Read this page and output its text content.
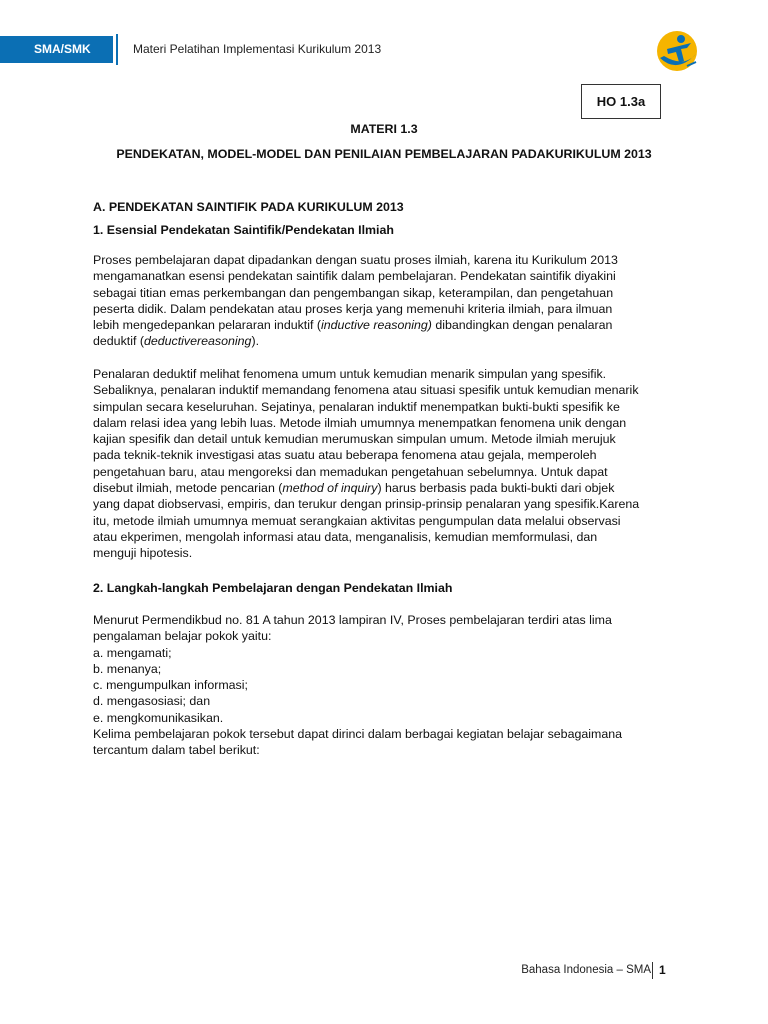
SMA/SMK	Materi Pelatihan Implementasi Kurikulum 2013
HO 1.3a
MATERI 1.3
PENDEKATAN, MODEL-MODEL DAN PENILAIAN PEMBELAJARAN PADAKURIKULUM 2013
A. PENDEKATAN SAINTIFIK PADA KURIKULUM 2013
1. Esensial Pendekatan Saintifik/Pendekatan Ilmiah
Proses pembelajaran dapat dipadankan dengan suatu proses ilmiah, karena itu Kurikulum 2013
mengamanatkan esensi pendekatan saintifik dalam pembelajaran. Pendekatan saintifik diyakini
sebagai titian emas perkembangan dan pengembangan sikap, keterampilan, dan pengetahuan
peserta didik. Dalam pendekatan atau proses kerja yang memenuhi kriteria ilmiah, para ilmuan
lebih mengedepankan pelararan induktif (inductive reasoning) dibandingkan dengan penalaran
deduktif (deductivereasoning).
Penalaran deduktif melihat fenomena umum untuk kemudian menarik simpulan yang spesifik.
Sebaliknya, penalaran induktif memandang fenomena atau situasi spesifik untuk kemudian menarik
simpulan secara keseluruhan. Sejatinya, penalaran induktif menempatkan bukti-bukti spesifik ke
dalam relasi idea yang lebih luas. Metode ilmiah umumnya menempatkan fenomena unik dengan
kajian spesifik dan detail untuk kemudian merumuskan simpulan umum. Metode ilmiah merujuk
pada teknik-teknik investigasi atas suatu atau beberapa fenomena atau gejala, memperoleh
pengetahuan baru, atau mengoreksi dan memadukan pengetahuan sebelumnya. Untuk dapat
disebut ilmiah, metode pencarian (method of inquiry) harus berbasis pada bukti-bukti dari objek
yang dapat diobservasi, empiris, dan terukur dengan prinsip-prinsip penalaran yang spesifik.Karena
itu, metode ilmiah umumnya memuat serangkaian aktivitas pengumpulan data melalui observasi
atau ekperimen, mengolah informasi atau data, menganalisis, kemudian memformulasi, dan
menguji hipotesis.
2. Langkah-langkah Pembelajaran dengan Pendekatan Ilmiah
Menurut Permendikbud no. 81 A tahun 2013 lampiran IV, Proses pembelajaran terdiri atas lima
pengalaman belajar pokok yaitu:
a. mengamati;
b. menanya;
c. mengumpulkan informasi;
d. mengasosiasi; dan
e. mengkomunikasikan.
Kelima pembelajaran pokok tersebut dapat dirinci dalam berbagai kegiatan belajar sebagaimana
tercantum dalam tabel berikut:
Bahasa Indonesia – SMA 1
